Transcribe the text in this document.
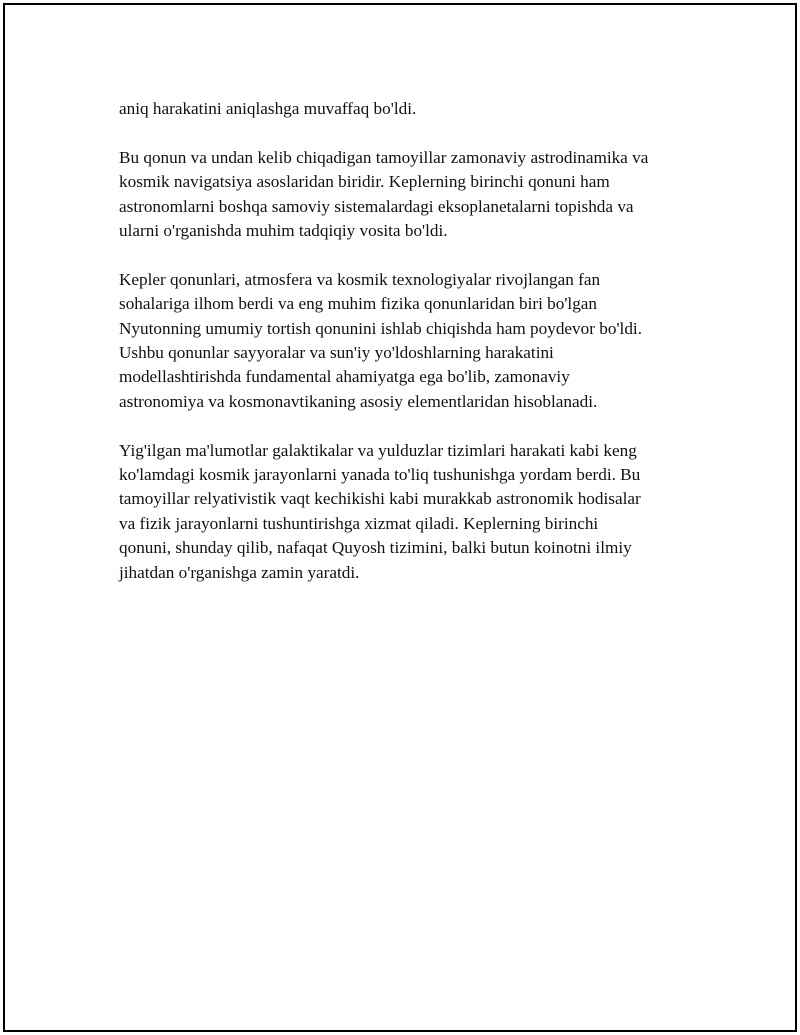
aniq harakatini aniqlashga muvaffaq bo'ldi.

Bu qonun va undan kelib chiqadigan tamoyillar zamonaviy astrodinamika va
kosmik navigatsiya asoslaridan biridir. Keplerning birinchi qonuni ham
astronomlarni boshqa samoviy sistemalardagi eksoplanetalarni topishda va
ularni o'rganishda muhim tadqiqiy vosita bo'ldi.

Kepler qonunlari, atmosfera va kosmik texnologiyalar rivojlangan fan
sohalariga ilhom berdi va eng muhim fizika qonunlaridan biri bo'lgan
Nyutonning umumiy tortish qonunini ishlab chiqishda ham poydevor bo'ldi.
Ushbu qonunlar sayyoralar va sun'iy yo'ldoshlarning harakatini
modellashtirishda fundamental ahamiyatga ega bo'lib, zamonaviy
astronomiya va kosmonavtikaning asosiy elementlaridan hisoblanadi.

Yig'ilgan ma'lumotlar galaktikalar va yulduzlar tizimlari harakati kabi keng
ko'lamdagi kosmik jarayonlarni yanada to'liq tushunishga yordam berdi. Bu
tamoyillar relyativistik vaqt kechikishi kabi murakkab astronomik hodisalar
va fizik jarayonlarni tushuntirishga xizmat qiladi. Keplerning birinchi
qonuni, shunday qilib, nafaqat Quyosh tizimini, balki butun koinotni ilmiy
jihatdan o'rganishga zamin yaratdi.
